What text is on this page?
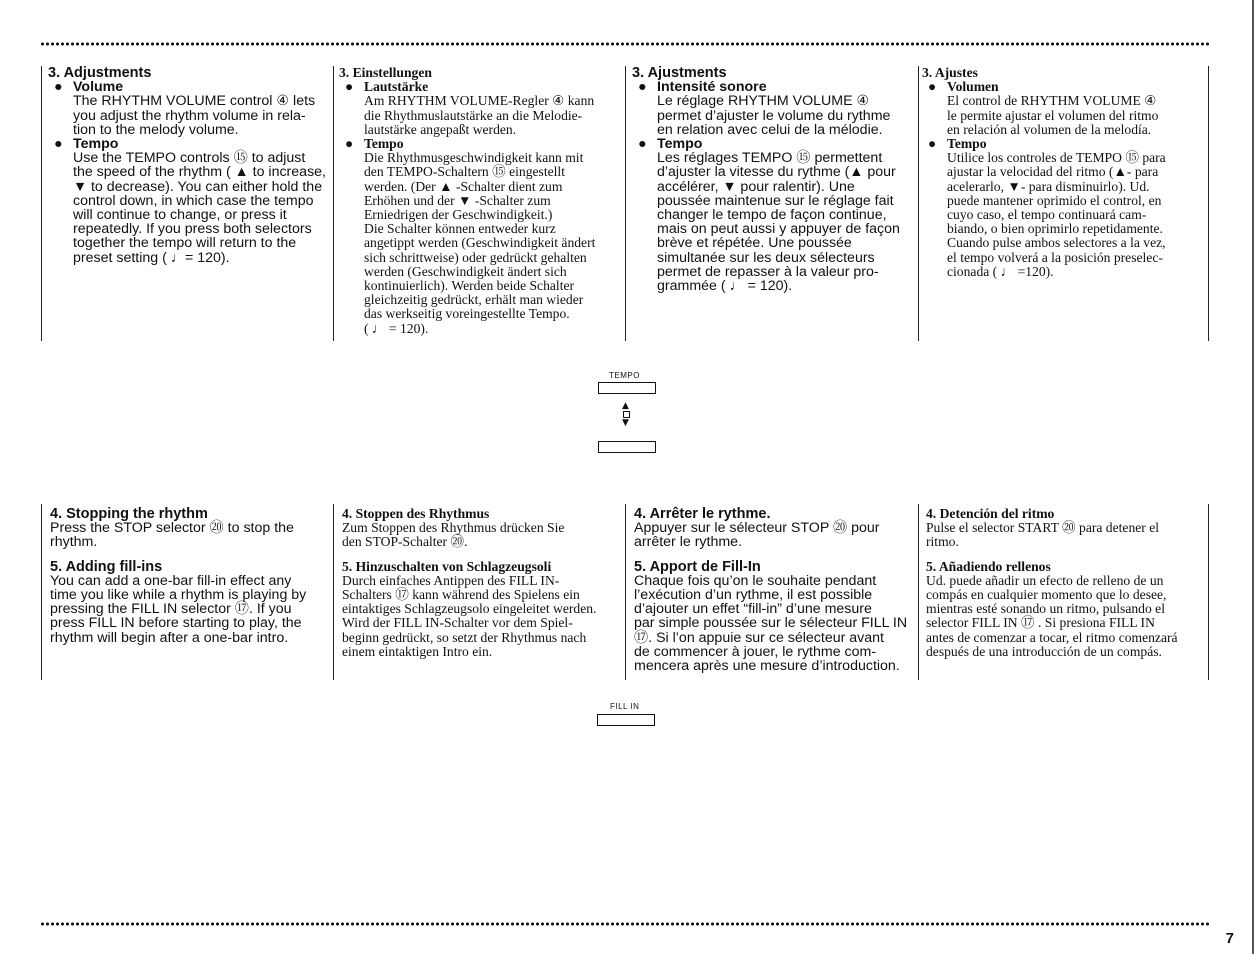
3. Adjustments

● Volume

The RHYTHM VOLUME control ④ lets
you adjust the rhythm volume in rela-
tion to the melody volume.

● Tempo

Use the TEMPO controls ⑮ to adjust
the speed of the rhythm ( ▲ to increase,
▼ to decrease). You can either hold the
control down, in which case the tempo
will continue to change, or press it
repeatedly. If you press both selectors
together the tempo will return to the
preset setting ( ♩= 120).

3. Einstellungen

● Lautstärke

Am RHYTHM VOLUME-Regler ④ kann
die Rhythmuslautstärke an die Melodie-
lautstärke angepaßt werden.

● Tempo

Die Rhythmusgeschwindigkeit kann mit
den TEMPO-Schaltern ⑮ eingestellt
werden. (Der ▲ -Schalter dient zum
Erhöhen und der ▼ -Schalter zum
Erniedrigen der Geschwindigkeit.)
Die Schalter können entweder kurz
angetippt werden (Geschwindigkeit ändert
sich schrittweise) oder gedrückt gehalten
werden (Geschwindigkeit ändert sich
kontinuierlich). Werden beide Schalter
gleichzeitig gedrückt, erhält man wieder
das werkseitig voreingestellte Tempo.
( ♩ = 120).

3. Ajustments

● Intensité sonore

Le réglage RHYTHM VOLUME ④
permet d’ajuster le volume du rythme
en relation avec celui de la mélodie.

● Tempo

Les réglages TEMPO ⑮ permettent
d’ajuster la vitesse du rythme (▲ pour
accélérer, ▼ pour ralentir). Une
poussée maintenue sur le réglage fait
changer le tempo de façon continue,
mais on peut aussi y appuyer de façon
brève et répétée. Une poussée
simultanée sur les deux sélecteurs
permet de repasser à la valeur pro-
grammée ( ♩ = 120).

3. Ajustes

● Volumen

El control de RHYTHM VOLUME ④
le permite ajustar el volumen del ritmo
en relación al volumen de la melodía.

● Tempo

Utilice los controles de TEMPO ⑮ para
ajustar la velocidad del ritmo (▲- para
acelerarlo, ▼- para disminuirlo). Ud.
puede mantener oprimido el control, en
cuyo caso, el tempo continuará cam-
biando, o bien oprimirlo repetidamente.
Cuando pulse ambos selectores a la vez,
el tempo volverá a la posición preselec-
cionada ( ♩ =120).

TEMPO
▲
▼

4. Stopping the rhythm

Press the STOP selector ⑳ to stop the
rhythm.

5. Adding fill-ins

You can add a one-bar fill-in effect any
time you like while a rhythm is playing by
pressing the FILL IN selector ⑰. If you
press FILL IN before starting to play, the
rhythm will begin after a one-bar intro.

4. Stoppen des Rhythmus

Zum Stoppen des Rhythmus drücken Sie
den STOP-Schalter ⑳.

5. Hinzuschalten von Schlagzeugsoli

Durch einfaches Antippen des FILL IN-
Schalters ⑰ kann während des Spielens ein
eintaktiges Schlagzeugsolo eingeleitet werden.
Wird der FILL IN-Schalter vor dem Spiel-
beginn gedrückt, so setzt der Rhythmus nach
einem eintaktigen Intro ein.

4. Arrêter le rythme.

Appuyer sur le sélecteur STOP ⑳ pour
arrêter le rythme.

5. Apport de Fill-In

Chaque fois qu’on le souhaite pendant
l’exécution d’un rythme, il est possible
d’ajouter un effet “fill-in” d’une mesure
par simple poussée sur le sélecteur FILL IN
⑰. Si l’on appuie sur ce sélecteur avant
de commencer à jouer, le rythme com-
mencera après une mesure d’introduction.

4. Detención del ritmo

Pulse el selector START ⑳ para detener el
ritmo.

5. Añadiendo rellenos

Ud. puede añadir un efecto de relleno de un
compás en cualquier momento que lo desee,
mientras esté sonando un ritmo, pulsando el
selector FILL IN ⑰ . Si presiona FILL IN
antes de comenzar a tocar, el ritmo comenzará
después de una introducción de un compás.

FILL IN
7
